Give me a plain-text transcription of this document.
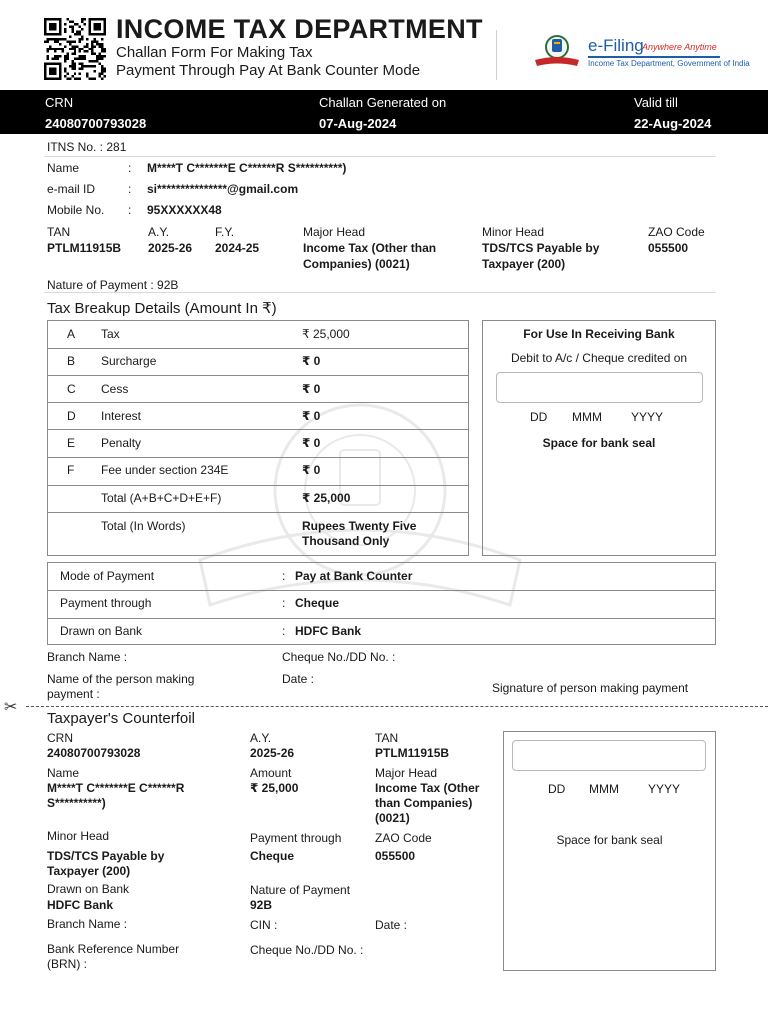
INCOME TAX DEPARTMENT
Challan Form For Making Tax
Payment Through Pay At Bank Counter Mode
e-Filing
Anywhere Anytime
Income Tax Department, Government of India
CRN
24080700793028
Challan Generated on
07-Aug-2024
Valid till
22-Aug-2024
ITNS No. : 281
Name	: M****T C*******E C******R S**********)
e-mail ID	: si***************@gmail.com
Mobile No. : 95XXXXXX48
TAN
PTLM11915B
A.Y.
2025-26
F.Y.
2024-25
Major Head
Income Tax (Other than
Companies) (0021)
Minor Head
TDS/TCS Payable by
Taxpayer (200)
ZAO Code
055500
Nature of Payment : 92B
Tax Breakup Details (Amount In ₹)
A Tax	₹ 25,000
B Surcharge	₹ 0
C Cess	₹ 0
D Interest	₹ 0
E Penalty	₹ 0
F Fee under section 234E	₹ 0
Total (A+B+C+D+E+F)	₹ 25,000
Total (In Words)	Rupees Twenty Five
Thousand Only
For Use In Receiving Bank
Debit to A/c / Cheque credited on
DD MMM YYYY
Space for bank seal
Mode of Payment	: Pay at Bank Counter
Payment through	: Cheque
Drawn on Bank	: HDFC Bank
Branch Name :	Cheque No./DD No. :
Name of the person making
payment :
Date :
Signature of person making payment
✂
Taxpayer's Counterfoil
CRN
24080700793028
A.Y.
2025-26
TAN
PTLM11915B
Name
M****T C*******E C******R
S**********)
Amount
₹ 25,000
Major Head
Income Tax (Other
than Companies)
(0021)
Minor Head
TDS/TCS Payable by
Taxpayer (200)
Payment through
Cheque
ZAO Code
055500
Drawn on Bank
HDFC Bank
Nature of Payment
92B
Branch Name :	CIN :	Date :
Bank Reference Number
(BRN) :
Cheque No./DD No. :
DD MMM YYYY
Space for bank seal
